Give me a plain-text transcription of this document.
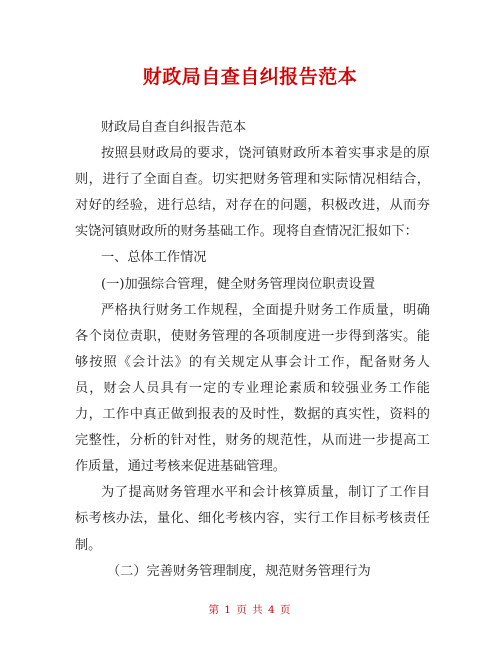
财政局自查自纠报告范本

财政局自查自纠报告范本

按照县财政局的要求，饶河镇财政所本着实事求是的原则，进行了全面自查。切实把财务管理和实际情况相结合，对好的经验，进行总结，对存在的问题，积极改进，从而夯实饶河镇财政所的财务基础工作。现将自查情况汇报如下：

一、总体工作情况

(一)加强综合管理，健全财务管理岗位职责设置

严格执行财务工作规程，全面提升财务工作质量，明确各个岗位责职，使财务管理的各项制度进一步得到落实。能够按照《会计法》的有关规定从事会计工作，配备财务人员，财会人员具有一定的专业理论素质和较强业务工作能力，工作中真正做到报表的及时性，数据的真实性，资料的完整性，分析的针对性，财务的规范性，从而进一步提高工作质量，通过考核来促进基础管理。

为了提高财务管理水平和会计核算质量，制订了工作目标考核办法，量化、细化考核内容，实行工作目标考核责任制。

（二）完善财务管理制度，规范财务管理行为

第 1 页 共 4 页
